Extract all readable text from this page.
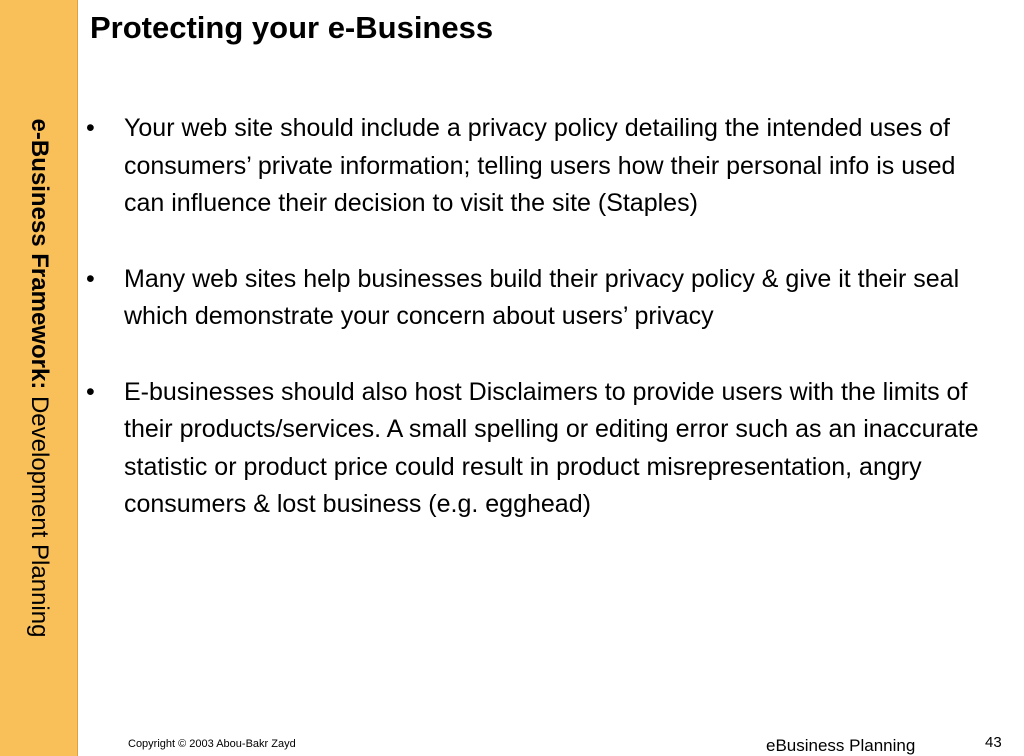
e-Business Framework: Development Planning
Protecting your e-Business
•	Your web site should include a privacy policy detailing the intended uses of consumers’ private information; telling users how their personal info is used can influence their decision to visit the site (Staples)
•	Many web sites help businesses build their privacy policy & give it their seal which demonstrate your concern about users’ privacy
•	E-businesses should also host Disclaimers to provide users with the limits of their products/services. A small spelling or editing error such as an inaccurate statistic or product price could result in product misrepresentation, angry consumers & lost business (e.g. egghead)
Copyright © 2003 Abou-Bakr Zayd	eBusiness Planning	43
